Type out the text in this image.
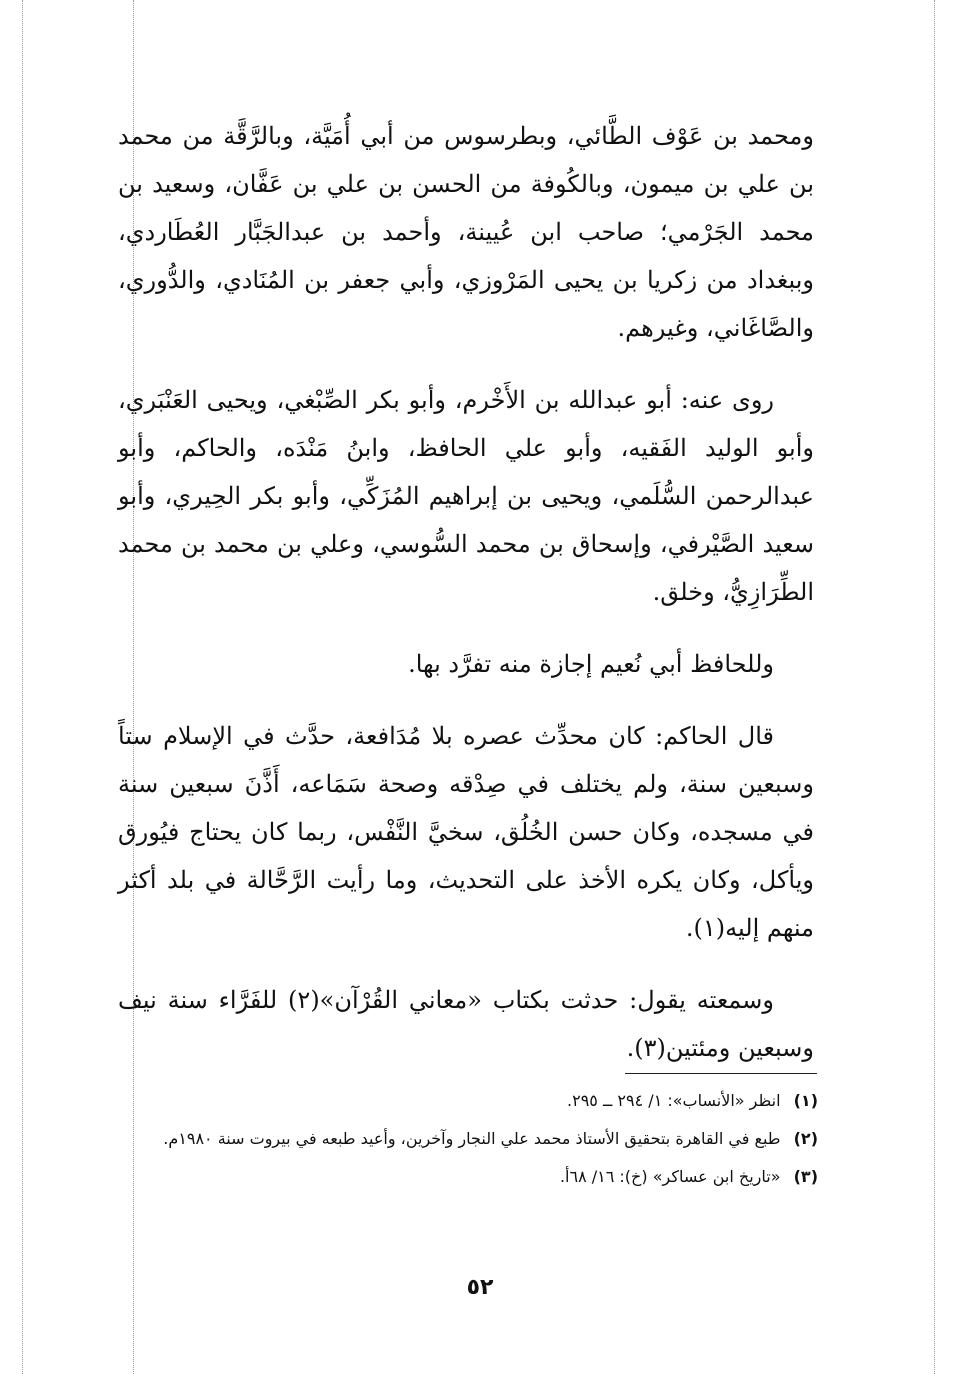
ومحمد بن عَوْف الطَّائي، وبطرسوس من أبي أُمَيَّة، وبالرَّقَّة من محمد بن علي بن ميمون، وبالكُوفة من الحسن بن علي بن عَفَّان، وسعيد بن محمد الجَرْمي؛ صاحب ابن عُيينة، وأحمد بن عبدالجَبَّار العُطَاردي، وببغداد من زكريا بن يحيى المَرْوزي، وأبي جعفر بن المُنَادي، والدُّوري، والصَّاغَاني، وغيرهم.

روى عنه: أبو عبدالله بن الأَخْرم، وأبو بكر الصِّبْغي، ويحيى العَنْبَري، وأبو الوليد الفَقيه، وأبو علي الحافظ، وابنُ مَنْدَه، والحاكم، وأبو عبدالرحمن السُّلَمي، ويحيى بن إبراهيم المُزَكِّي، وأبو بكر الحِيري، وأبو سعيد الصَّيْرفي، وإسحاق بن محمد السُّوسي، وعلي بن محمد بن محمد الطِّرَازِيُّ، وخلق.

وللحافظ أبي نُعيم إجازة منه تفرَّد بها.

قال الحاكم: كان محدِّث عصره بلا مُدَافعة، حدَّث في الإسلام ستاً وسبعين سنة، ولم يختلف في صِدْقه وصحة سَمَاعه، أَذَّنَ سبعين سنة في مسجده، وكان حسن الخُلُق، سخيَّ النَّفْس، ربما كان يحتاج فيُورق ويأكل، وكان يكره الأخذ على التحديث، وما رأيت الرَّحَّالة في بلد أكثر منهم إليه(١).

وسمعته يقول: حدثت بكتاب «معاني القُرْآن»(٢) للفَرَّاء سنة نيف وسبعين ومئتين(٣).

(١) انظر «الأنساب»: ١/ ٢٩٤ ــ ٢٩٥.
(٢) طبع في القاهرة بتحقيق الأستاذ محمد علي النجار وآخرين، وأعيد طبعه في بيروت سنة ١٩٨٠م.
(٣) «تاريخ ابن عساكر» (خ): ١٦/ ٦٨أ.
٥٢
